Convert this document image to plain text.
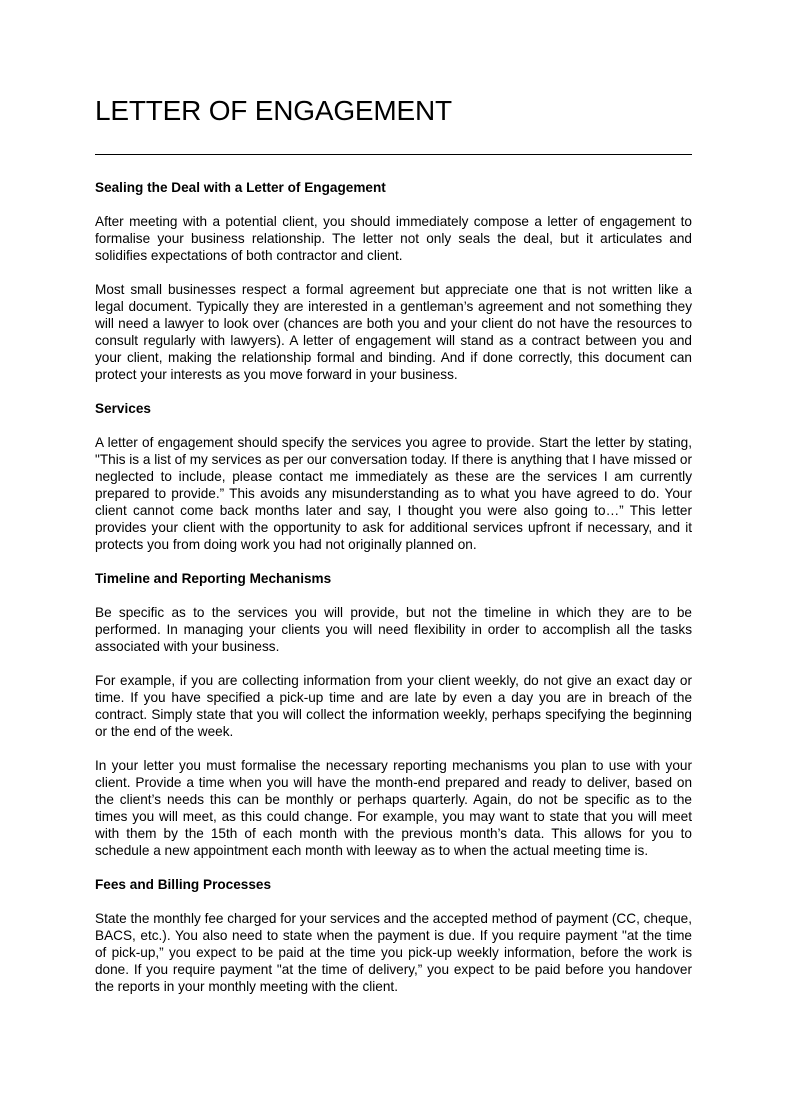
LETTER OF ENGAGEMENT
Sealing the Deal with a Letter of Engagement

After meeting with a potential client, you should immediately compose a letter of engagement to formalise your business relationship. The letter not only seals the deal, but it articulates and solidifies expectations of both contractor and client.

Most small businesses respect a formal agreement but appreciate one that is not written like a legal document. Typically they are interested in a gentleman’s agreement and not something they will need a lawyer to look over (chances are both you and your client do not have the resources to consult regularly with lawyers). A letter of engagement will stand as a contract between you and your client, making the relationship formal and binding. And if done correctly, this document can protect your interests as you move forward in your business.

Services

A letter of engagement should specify the services you agree to provide. Start the letter by stating, "This is a list of my services as per our conversation today. If there is anything that I have missed or neglected to include, please contact me immediately as these are the services I am currently prepared to provide.” This avoids any misunderstanding as to what you have agreed to do. Your client cannot come back months later and say, I thought you were also going to…” This letter provides your client with the opportunity to ask for additional services upfront if necessary, and it protects you from doing work you had not originally planned on.

Timeline and Reporting Mechanisms

Be specific as to the services you will provide, but not the timeline in which they are to be performed. In managing your clients you will need flexibility in order to accomplish all the tasks associated with your business.

For example, if you are collecting information from your client weekly, do not give an exact day or time. If you have specified a pick-up time and are late by even a day you are in breach of the contract. Simply state that you will collect the information weekly, perhaps specifying the beginning or the end of the week.

In your letter you must formalise the necessary reporting mechanisms you plan to use with your client. Provide a time when you will have the month-end prepared and ready to deliver, based on the client’s needs this can be monthly or perhaps quarterly. Again, do not be specific as to the times you will meet, as this could change. For example, you may want to state that you will meet with them by the 15th of each month with the previous month’s data. This allows for you to schedule a new appointment each month with leeway as to when the actual meeting time is.

Fees and Billing Processes

State the monthly fee charged for your services and the accepted method of payment (CC, cheque, BACS, etc.). You also need to state when the payment is due. If you require payment "at the time of pick-up,” you expect to be paid at the time you pick-up weekly information, before the work is done. If you require payment "at the time of delivery,” you expect to be paid before you handover the reports in your monthly meeting with the client.
